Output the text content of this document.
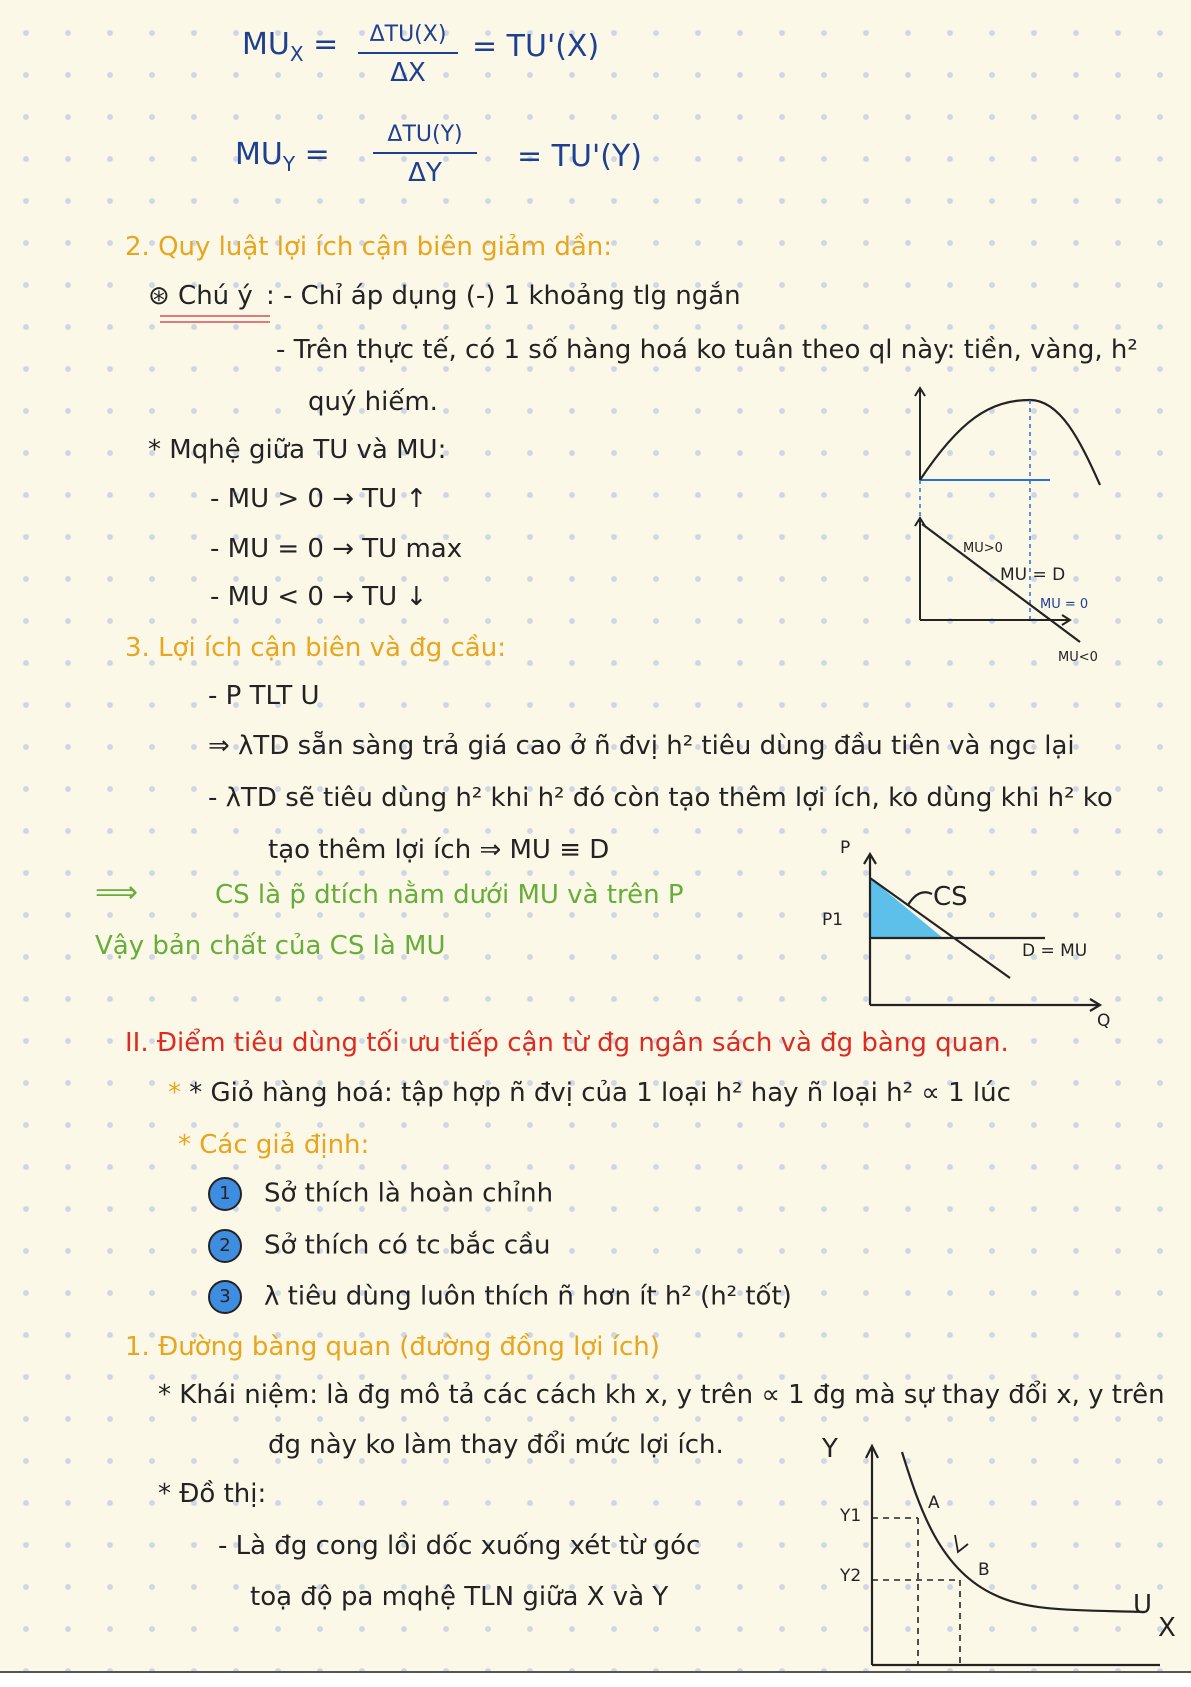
$MU_X$ =	ΔTU(X)
ΔX
= TU'(X)
$MU_Y$ =
ΔTU(Y)
ΔY	= TU'(Y)
2. Quy luật lợi ích cận biên giảm dần:
⊛ Chú ý : - Chỉ áp dụng (-) 1 khoảng tlg ngắn
- Trên thực tế, có 1 số hàng hoá ko tuân theo ql này: tiền, vàng, h²
quý hiếm.
* Mqhệ giữa TU và MU:
- MU > 0 → TU ↑
- MU = 0 → TU max
- MU < 0 → TU ↓
MU>0
MU = D
MU = 0
MU<0
3. Lợi ích cận biên và đg cầu:
- P TLT U
⇒ λTD sẵn sàng trả giá cao ở ñ đvị h² tiêu dùng đầu tiên và ngc lại
- λTD sẽ tiêu dùng h² khi h² đó còn tạo thêm lợi ích, ko dùng khi h² ko
tạo thêm lợi ích ⇒ MU ≡ D
⟹	CS là p̃ dtích nằm dưới MU và trên P
Vậy bản chất của CS là MU
P
P1
CS
D = MU
Q
II. Điểm tiêu dùng tối ưu tiếp cận từ đg ngân sách và đg bàng quan.
* * Giỏ hàng hoá: tập hợp ñ đvị của 1 loại h² hay ñ loại h² ∝ 1 lúc
* Các giả định:
1 Sở thích là hoàn chỉnh
2 Sở thích có tc bắc cầu
3 λ tiêu dùng luôn thích ñ hơn ít h² (h² tốt)
1. Đường bàng quan (đường đồng lợi ích)
* Khái niệm: là đg mô tả các cách kh x, y trên ∝ 1 đg mà sự thay đổi x, y trên
đg này ko làm thay đổi mức lợi ích.
* Đồ thị:
- Là đg cong lồi dốc xuống xét từ góc
toạ độ pa mqhệ TLN giữa X và Y
Y
Y1
Y2
A
B
U
X
